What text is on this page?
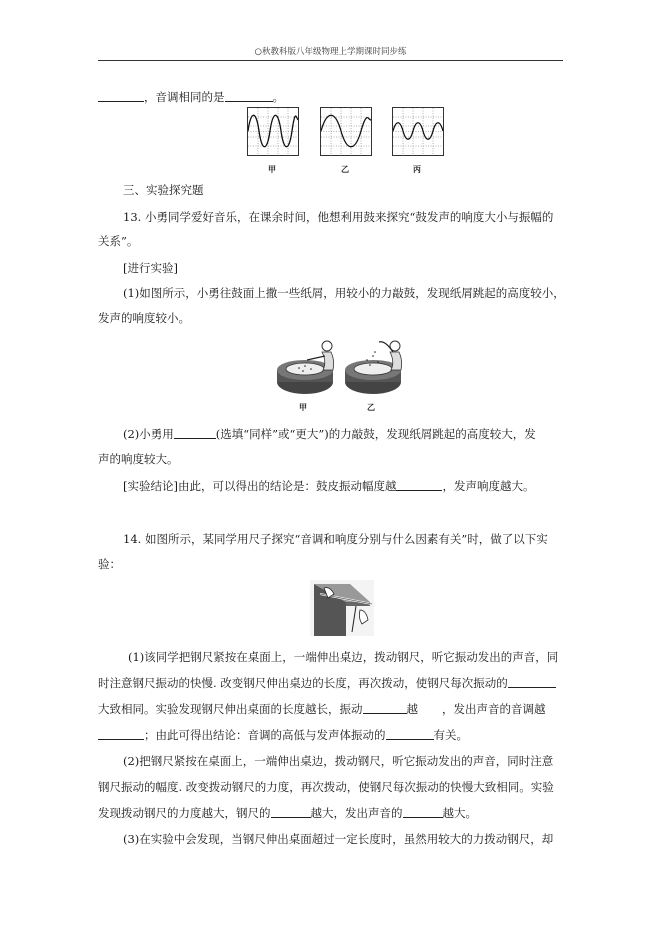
○秋教科版八年级物理上学期课时同步练
，音调相同的是	。
甲	乙	丙
三、实验探究题
13. 小勇同学爱好音乐，在课余时间，他想利用鼓来探究“鼓发声的响度大小与振幅的
关系”。
[进行实验]
(1)如图所示，小勇往鼓面上撒一些纸屑，用较小的力敲鼓，发现纸屑跳起的高度较小，
发声的响度较小。
甲	乙
(2)小勇用	(选填“同样”或“更大”)的力敲鼓，发现纸屑跳起的高度较大，发
声的响度较大。
[实验结论]由此，可以得出的结论是：鼓皮振动幅度越	，发声响度越大。
14. 如图所示，某同学用尺子探究“音调和响度分别与什么因素有关”时，做了以下实
验：
(1)该同学把钢尺紧按在桌面上，一端伸出桌边，拨动钢尺，听它振动发出的声音，同
时注意钢尺振动的快慢. 改变钢尺伸出桌边的长度，再次拨动，使钢尺每次振动的
大致相同。实验发现钢尺伸出桌面的长度越长，振动	越 ，发出声音的音调越
；由此可得出结论：音调的高低与发声体振动的	有关。
(2)把钢尺紧按在桌面上，一端伸出桌边，拨动钢尺，听它振动发出的声音，同时注意
钢尺振动的幅度. 改变拨动钢尺的力度，再次拨动，使钢尺每次振动的快慢大致相同。实验
发现拨动钢尺的力度越大，钢尺的	越大，发出声音的	越大。
(3)在实验中会发现，当钢尺伸出桌面超过一定长度时，虽然用较大的力拨动钢尺，却
